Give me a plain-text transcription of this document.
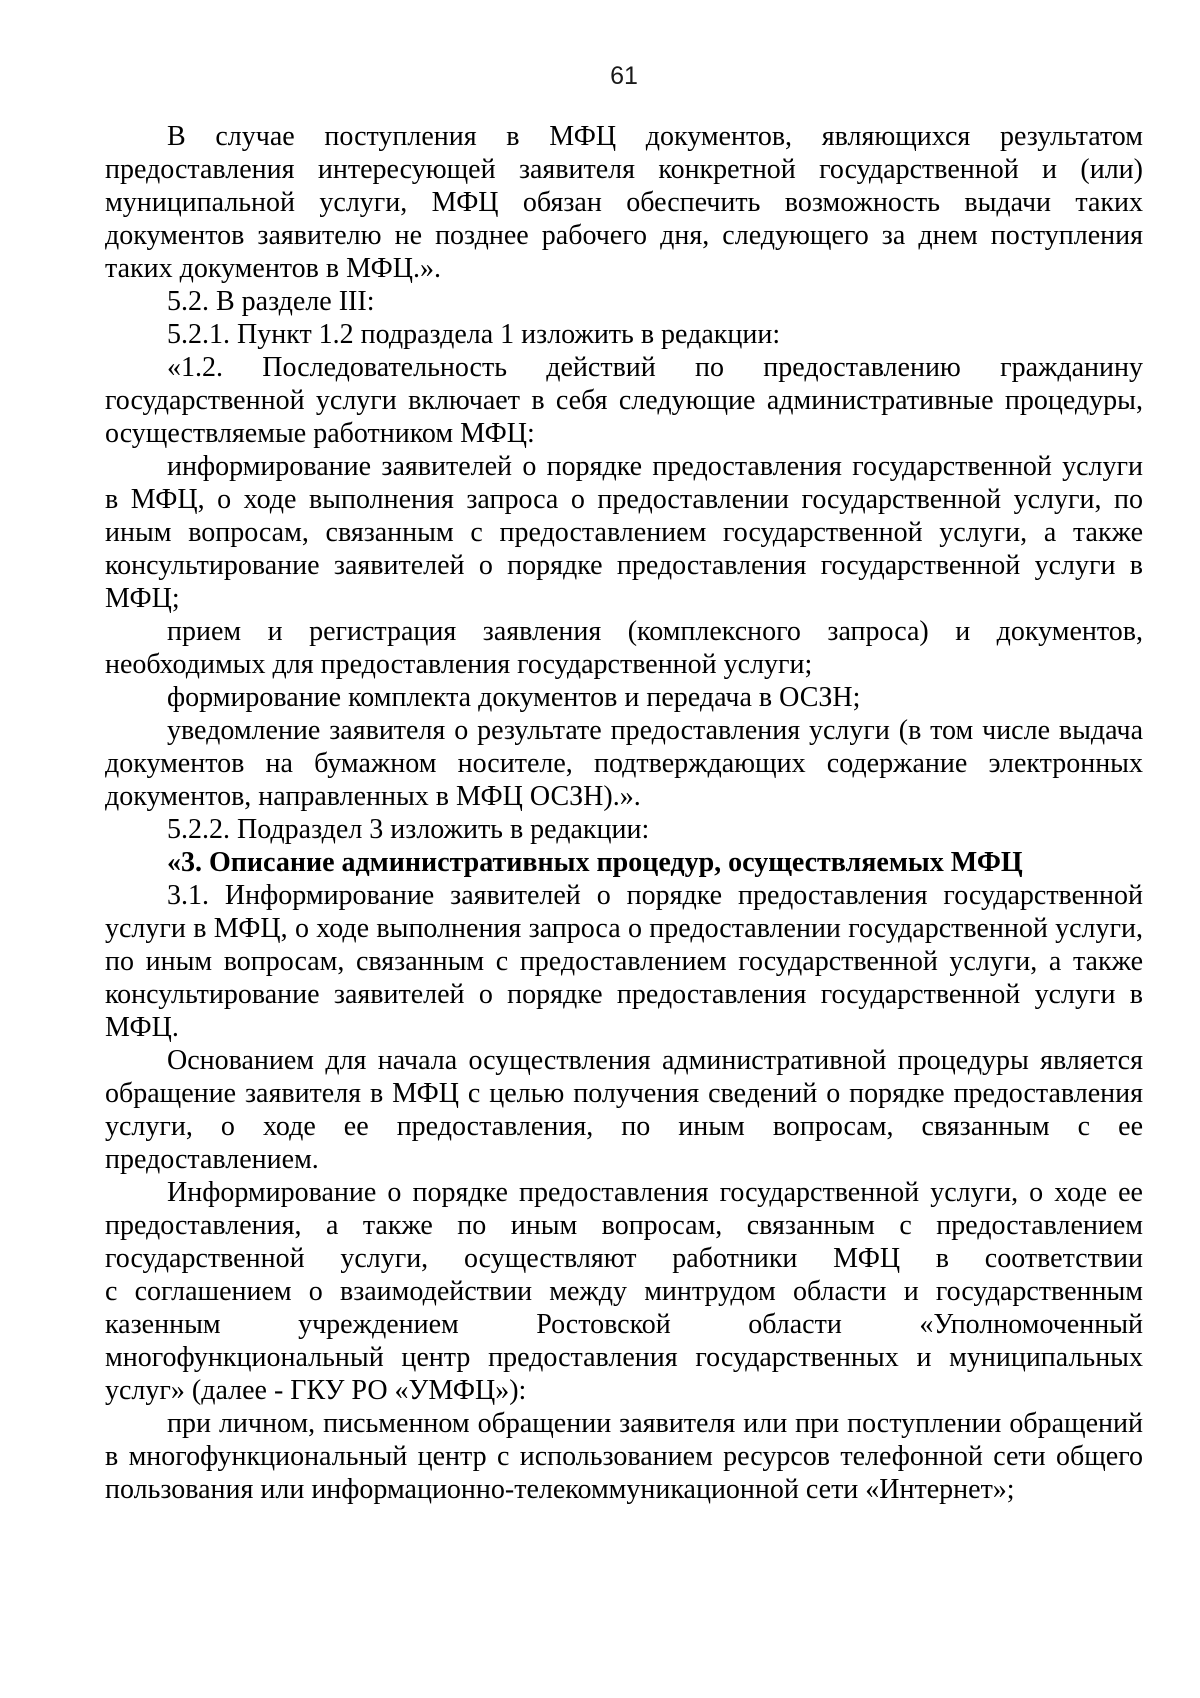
61

В случае поступления в МФЦ документов, являющихся результатом предоставления интересующей заявителя конкретной государственной и (или) муниципальной услуги, МФЦ обязан обеспечить возможность выдачи таких документов заявителю не позднее рабочего дня, следующего за днем поступления таких документов в МФЦ.».

5.2. В разделе III:

5.2.1. Пункт 1.2 подраздела 1 изложить в редакции:

«1.2. Последовательность действий по предоставлению гражданину государственной услуги включает в себя следующие административные процедуры, осуществляемые работником МФЦ:

информирование заявителей о порядке предоставления государственной услуги в МФЦ, о ходе выполнения запроса о предоставлении государственной услуги, по иным вопросам, связанным с предоставлением государственной услуги, а также консультирование заявителей о порядке предоставления государственной услуги в МФЦ;

прием и регистрация заявления (комплексного запроса) и документов, необходимых для предоставления государственной услуги;

формирование комплекта документов и передача в ОСЗН;

уведомление заявителя о результате предоставления услуги (в том числе выдача документов на бумажном носителе, подтверждающих содержание электронных документов, направленных в МФЦ ОСЗН).».

5.2.2. Подраздел 3 изложить в редакции:

«3. Описание административных процедур, осуществляемых МФЦ

3.1. Информирование заявителей о порядке предоставления государственной услуги в МФЦ, о ходе выполнения запроса о предоставлении государственной услуги, по иным вопросам, связанным с предоставлением государственной услуги, а также консультирование заявителей о порядке предоставления государственной услуги в МФЦ.

Основанием для начала осуществления административной процедуры является обращение заявителя в МФЦ с целью получения сведений о порядке предоставления услуги, о ходе ее предоставления, по иным вопросам, связанным с ее предоставлением.

Информирование о порядке предоставления государственной услуги, о ходе ее предоставления, а также по иным вопросам, связанным с предоставлением государственной услуги, осуществляют работники МФЦ в соответствии с соглашением о взаимодействии между минтрудом области и государственным казенным учреждением Ростовской области «Уполномоченный многофункциональный центр предоставления государственных и муниципальных услуг» (далее - ГКУ РО «УМФЦ»):

при личном, письменном обращении заявителя или при поступлении обращений в многофункциональный центр с использованием ресурсов телефонной сети общего пользования или информационно-телекоммуникационной сети «Интернет»;
